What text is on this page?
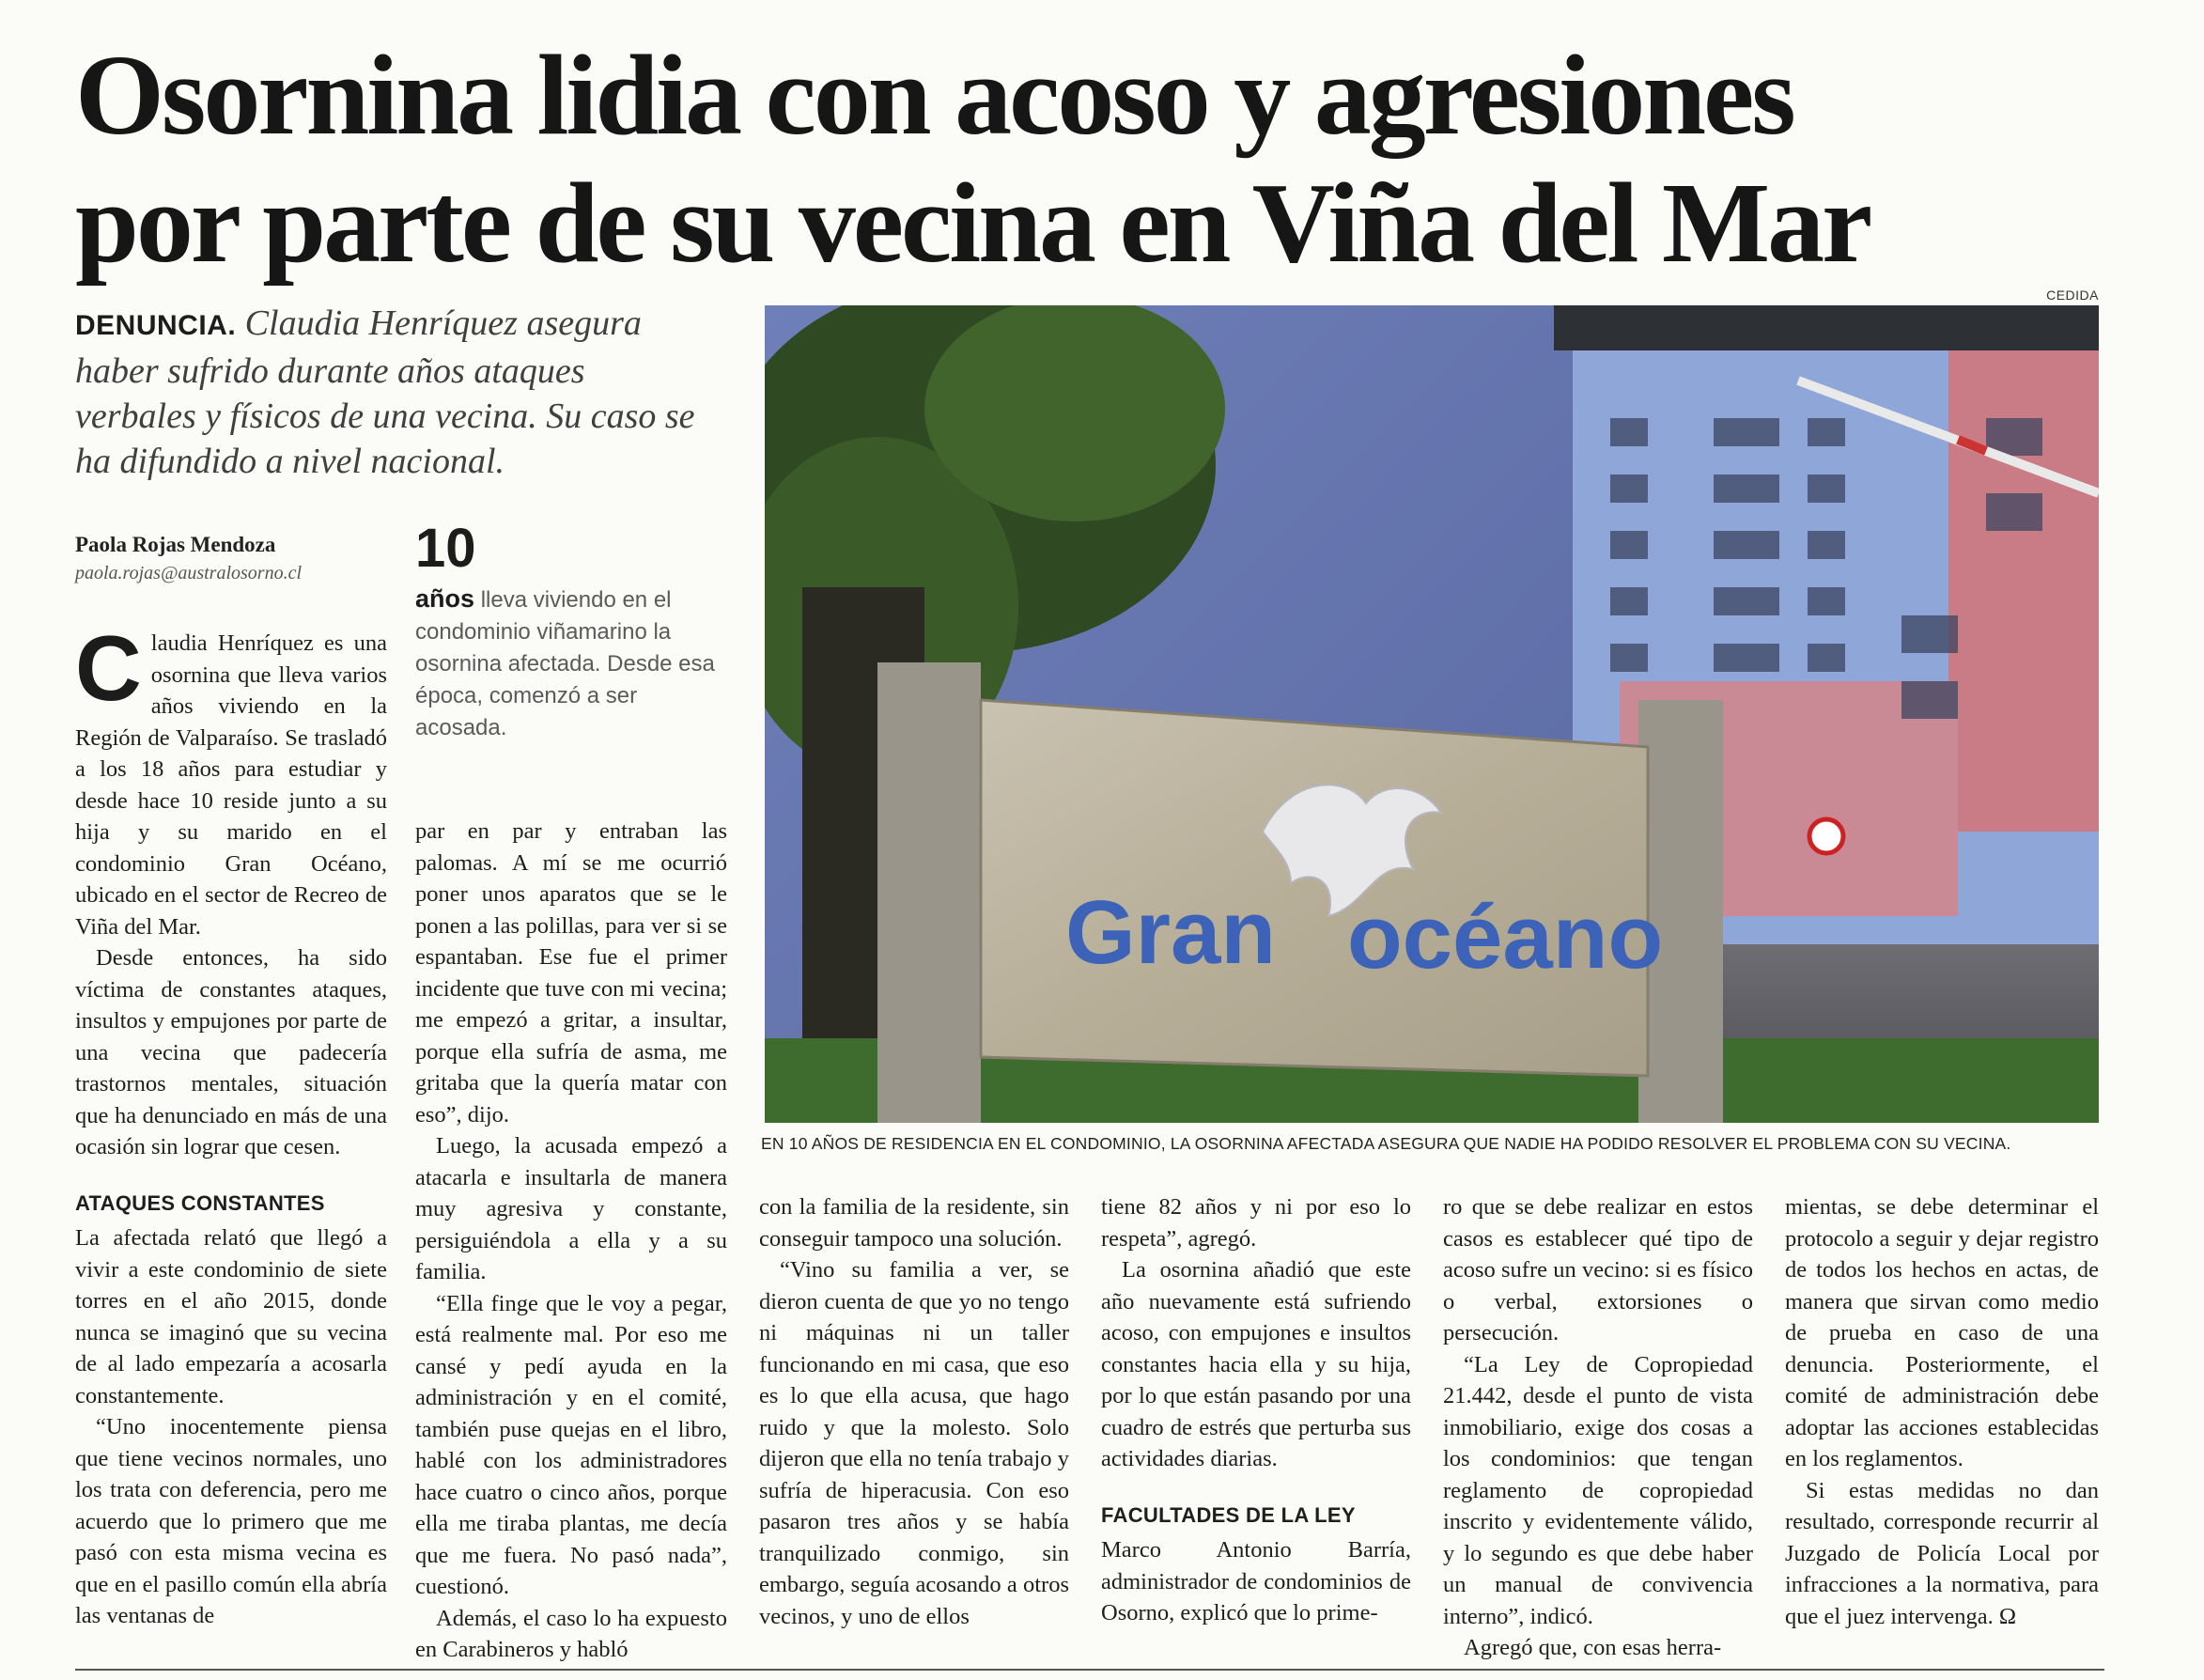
Osornina lidia con acoso y agresiones
por parte de su vecina en Viña del Mar
DENUNCIA. Claudia Henríquez asegura haber sufrido durante años ataques verbales y físicos de una vecina. Su caso se ha difundido a nivel nacional.
Paola Rojas Mendoza
paola.rojas@australosorno.cl	10
años lleva viviendo en el condominio viñamarino la osornina afectada. Desde esa época, comenzó a ser acosada.
CEDIDA
Gran océano
EN 10 AÑOS DE RESIDENCIA EN EL CONDOMINIO, LA OSORNINA AFECTADA ASEGURA QUE NADIE HA PODIDO RESOLVER EL PROBLEMA CON SU VECINA.

Claudia Henríquez es una osornina que lleva varios años viviendo en la Región de Valparaíso. Se trasladó a los 18 años para estudiar y desde hace 10 reside junto a su hija y su marido en el condominio Gran Océano, ubicado en el sector de Recreo de Viña del Mar.

Desde entonces, ha sido víctima de constantes ataques, insultos y empujones por parte de una vecina que padecería trastornos mentales, situación que ha denunciado en más de una ocasión sin lograr que cesen.

ATAQUES CONSTANTES

La afectada relató que llegó a vivir a este condominio de siete torres en el año 2015, donde nunca se imaginó que su vecina de al lado empezaría a acosarla constantemente.

“Uno inocentemente piensa que tiene vecinos normales, uno los trata con deferencia, pero me acuerdo que lo primero que me pasó con esta misma vecina es que en el pasillo común ella abría las ventanas de

par en par y entraban las palomas. A mí se me ocurrió poner unos aparatos que se le ponen a las polillas, para ver si se espantaban. Ese fue el primer incidente que tuve con mi vecina; me empezó a gritar, a insultar, porque ella sufría de asma, me gritaba que la quería matar con eso”, dijo.

Luego, la acusada empezó a atacarla e insultarla de manera muy agresiva y constante, persiguiéndola a ella y a su familia.

“Ella finge que le voy a pegar, está realmente mal. Por eso me cansé y pedí ayuda en la administración y en el comité, también puse quejas en el libro, hablé con los administradores hace cuatro o cinco años, porque ella me tiraba plantas, me decía que me fuera. No pasó nada”, cuestionó.

Además, el caso lo ha expuesto en Carabineros y habló

con la familia de la residente, sin conseguir tampoco una solución.

“Vino su familia a ver, se dieron cuenta de que yo no tengo ni máquinas ni un taller funcionando en mi casa, que eso es lo que ella acusa, que hago ruido y que la molesto. Solo dijeron que ella no tenía trabajo y sufría de hiperacusia. Con eso pasaron tres años y se había tranquilizado conmigo, sin embargo, seguía acosando a otros vecinos, y uno de ellos

tiene 82 años y ni por eso lo respeta”, agregó.

La osornina añadió que este año nuevamente está sufriendo acoso, con empujones e insultos constantes hacia ella y su hija, por lo que están pasando por una cuadro de estrés que perturba sus actividades diarias.

FACULTADES DE LA LEY

Marco Antonio Barría, administrador de condominios de Osorno, explicó que lo prime-

ro que se debe realizar en estos casos es establecer qué tipo de acoso sufre un vecino: si es físico o verbal, extorsiones o persecución.

“La Ley de Copropiedad 21.442, desde el punto de vista inmobiliario, exige dos cosas a los condominios: que tengan reglamento de copropiedad inscrito y evidentemente válido, y lo segundo es que debe haber un manual de convivencia interno”, indicó.

Agregó que, con esas herra-

mientas, se debe determinar el protocolo a seguir y dejar registro de todos los hechos en actas, de manera que sirvan como medio de prueba en caso de una denuncia. Posteriormente, el comité de administración debe adoptar las acciones establecidas en los reglamentos.

Si estas medidas no dan resultado, corresponde recurrir al Juzgado de Policía Local por infracciones a la normativa, para que el juez intervenga. Ω
